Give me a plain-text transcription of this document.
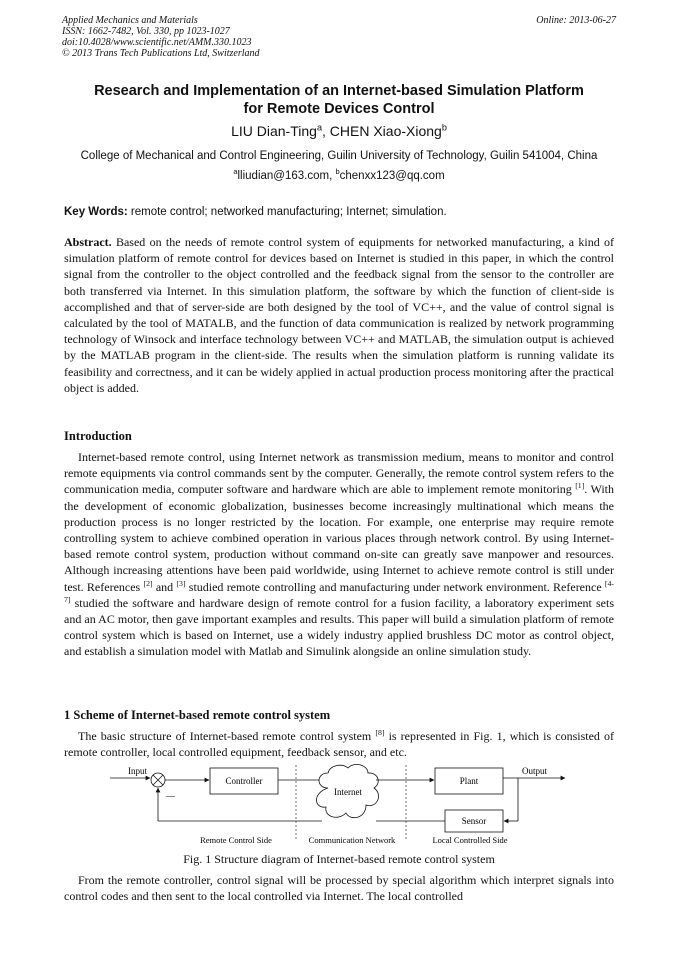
Applied Mechanics and Materials
ISSN: 1662-7482, Vol. 330, pp 1023-1027
doi:10.4028/www.scientific.net/AMM.330.1023
© 2013 Trans Tech Publications Ltd, Switzerland
Online: 2013-06-27
Research and Implementation of an Internet-based Simulation Platform
for Remote Devices Control
LIU Dian-Ting$^a$, CHEN Xiao-Xiong$^b$
College of Mechanical and Control Engineering, Guilin University of Technology, Guilin 541004, China
$^a$lliudian@163.com, $^b$chenxx123@qq.com
Key Words: remote control; networked manufacturing; Internet; simulation.

Abstract. Based on the needs of remote control system of equipments for networked manufacturing, a kind of simulation platform of remote control for devices based on Internet is studied in this paper, in which the control signal from the controller to the object controlled and the feedback signal from the sensor to the controller are both transferred via Internet. In this simulation platform, the software by which the function of client-side is accomplished and that of server-side are both designed by the tool of VC++, and the value of control signal is calculated by the tool of MATALB, and the function of data communication is realized by network programming technology of Winsock and interface technology between VC++ and MATLAB, the simulation output is achieved by the MATLAB program in the client-side. The results when the simulation platform is running validate its feasibility and correctness, and it can be widely applied in actual production process monitoring after the practical object is added.

Introduction

Internet-based remote control, using Internet network as transmission medium, means to monitor and control remote equipments via control commands sent by the computer. Generally, the remote control system refers to the communication media, computer software and hardware which are able to implement remote monitoring [1]. With the development of economic globalization, businesses become increasingly multinational which means the production process is no longer restricted by the location. For example, one enterprise may require remote controlling system to achieve combined operation in various places through network control. By using Internet-based remote control system, production without command on-site can greatly save manpower and resources. Although increasing attentions have been paid worldwide, using Internet to achieve remote control is still under test. References [2] and [3] studied remote controlling and manufacturing under network environment. Reference [4-7] studied the software and hardware design of remote control for a fusion facility, a laboratory experiment sets and an AC motor, then gave important examples and results. This paper will build a simulation platform of remote control system which is based on Internet, use a widely industry applied brushless DC motor as control object, and establish a simulation model with Matlab and Simulink alongside an online simulation study.

1 Scheme of Internet-based remote control system

The basic structure of Internet-based remote control system [8] is represented in Fig. 1, which is consisted of remote controller, local controlled equipment, feedback sensor, and etc.

Input
—
Controller
Internet
Plant
Output
Sensor
Remote Control Side	Communication Network	Local Controlled Side
Fig. 1 Structure diagram of Internet-based remote control system

From the remote controller, control signal will be processed by special algorithm which interpret signals into control codes and then sent to the local controlled via Internet. The local controlled
